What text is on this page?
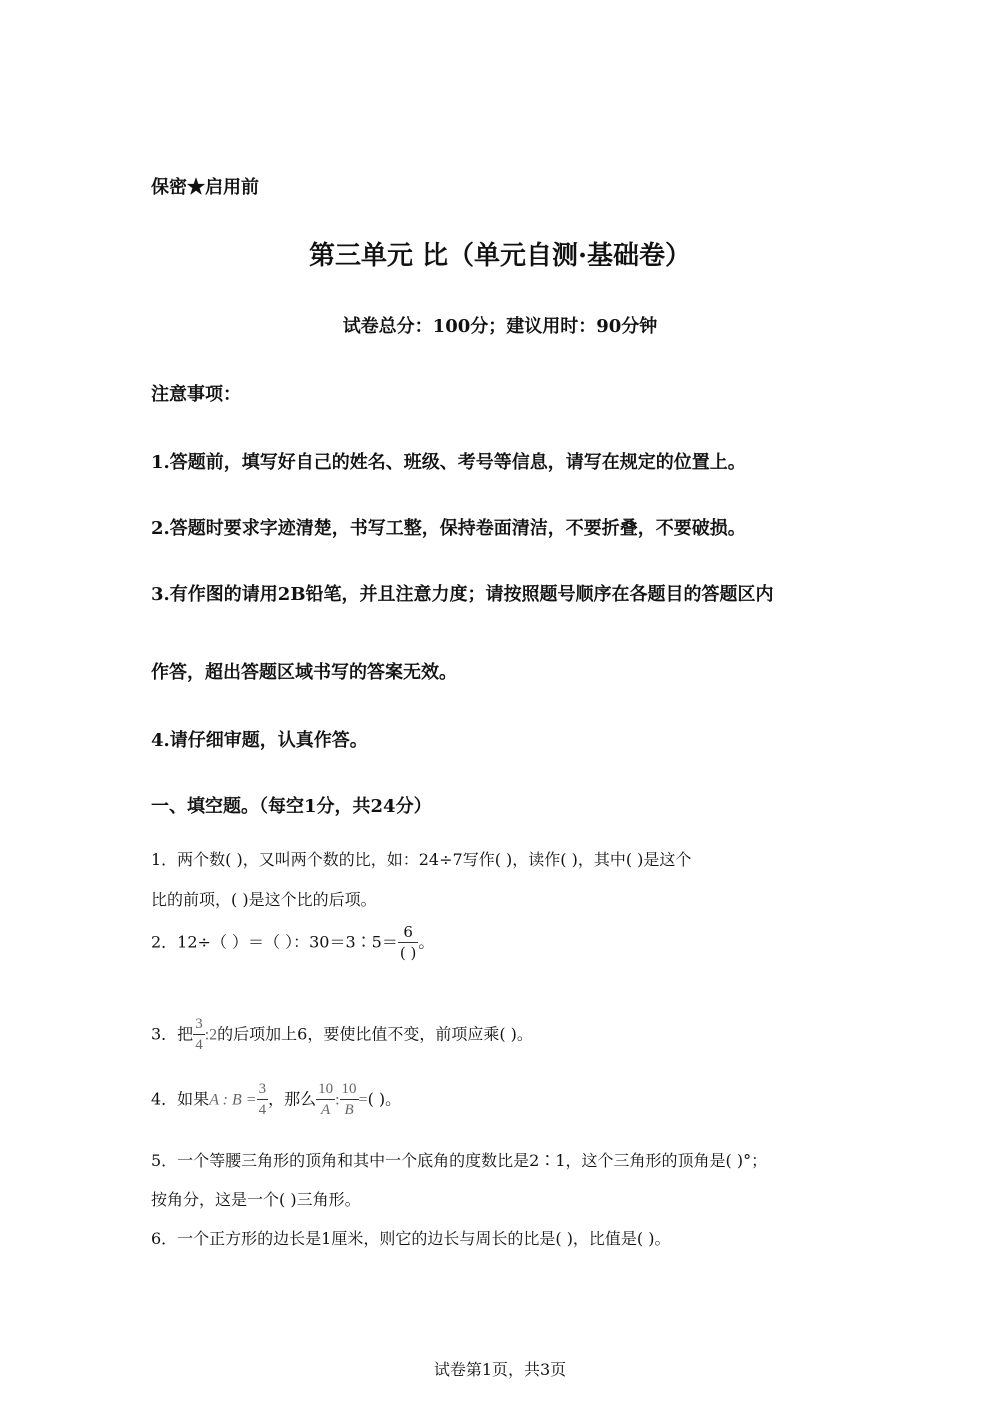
保密★启用前
第三单元 比（单元自测·基础卷）
试卷总分：100分；建议用时：90分钟
注意事项：
1.答题前，填写好自己的姓名、班级、考号等信息，请写在规定的位置上。
2.答题时要求字迹清楚，书写工整，保持卷面清洁，不要折叠，不要破损。
3.有作图的请用2B铅笔，并且注意力度；请按照题号顺序在各题目的答题区内
作答，超出答题区域书写的答案无效。
4.请仔细审题，认真作答。
一、填空题。（每空1分，共24分）
1．两个数( )，又叫两个数的比，如：24÷7写作( )，读作( )，其中( )是这个
比的前项，( )是这个比的后项。
2．12÷（ ）＝（ ）：30＝3∶5＝ $\frac{6}{( )}$ 。
3．把 $\frac{3}{4}$ :2的后项加上6，要使比值不变，前项应乘( )。
4．如果A : $B = \frac{3}{4}$ ，那么 $\frac{10}{A}$ : $\frac{10}{B}$ =( )。
5．一个等腰三角形的顶角和其中一个底角的度数比是2∶1，这个三角形的顶角是( )°；
按角分，这是一个( )三角形。
6．一个正方形的边长是1厘米，则它的边长与周长的比是( )，比值是( )。
试卷第1页，共3页
